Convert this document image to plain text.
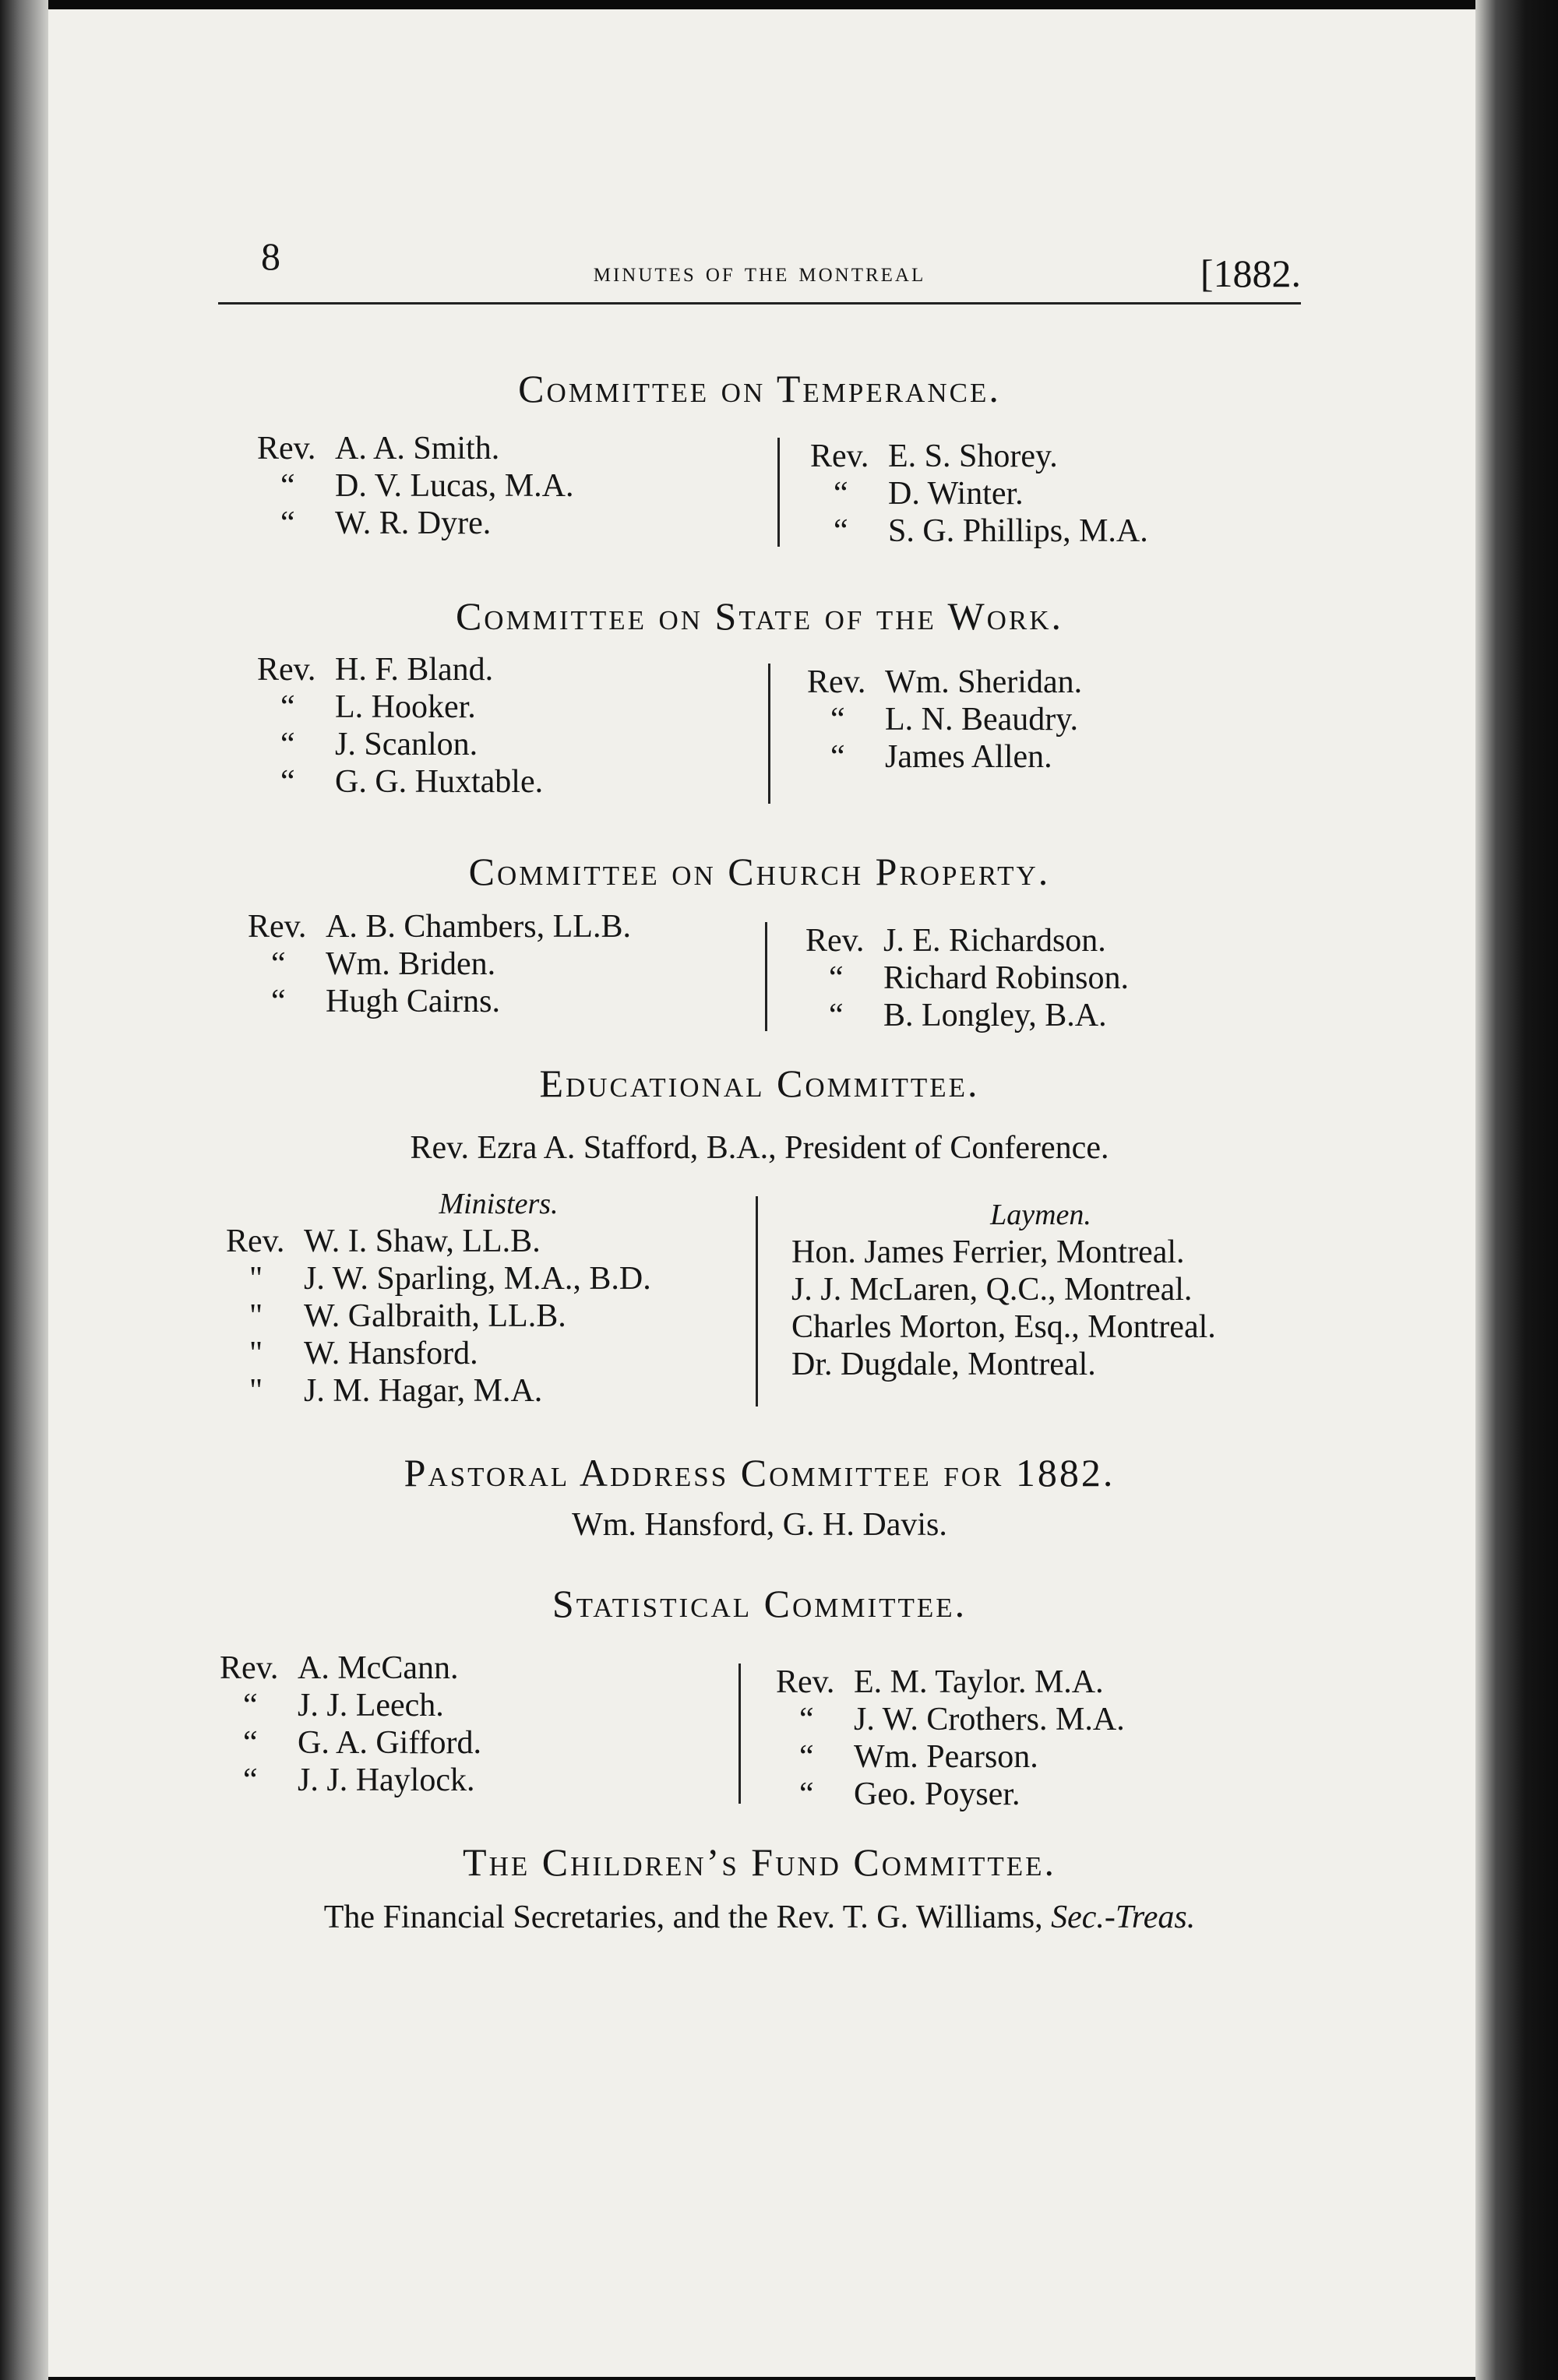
8	minutes of the montreal	[1882.
Committee on Temperance.
Rev. A. A. Smith.
“ D. V. Lucas, M.A.
“ W. R. Dyre.
Rev. E. S. Shorey.
“ D. Winter.
“ S. G. Phillips, M.A.
Committee on State of the Work.
Rev. H. F. Bland.
“ L. Hooker.
“ J. Scanlon.
“ G. G. Huxtable.
Rev. Wm. Sheridan.
“ L. N. Beaudry.
“ James Allen.
Committee on Church Property.
Rev. A. B. Chambers, LL.B.
“ Wm. Briden.
“ Hugh Cairns.
Rev. J. E. Richardson.
“ Richard Robinson.
“ B. Longley, B.A.
Educational Committee.
Rev. Ezra A. Stafford, B.A., President of Conference.
Ministers.
Rev. W. I. Shaw, LL.B.
" J. W. Sparling, M.A., B.D.
" W. Galbraith, LL.B.
" W. Hansford.
" J. M. Hagar, M.A.
Laymen.
Hon. James Ferrier, Montreal.
J. J. McLaren, Q.C., Montreal.
Charles Morton, Esq., Montreal.
Dr. Dugdale, Montreal.
Pastoral Address Committee for 1882.
Wm. Hansford, G. H. Davis.
Statistical Committee.
Rev. A. McCann.
“ J. J. Leech.
“ G. A. Gifford.
“ J. J. Haylock.
Rev. E. M. Taylor. M.A.
“ J. W. Crothers. M.A.
“ Wm. Pearson.
“ Geo. Poyser.
The Children’s Fund Committee.
The Financial Secretaries, and the Rev. T. G. Williams, Sec.-Treas.
